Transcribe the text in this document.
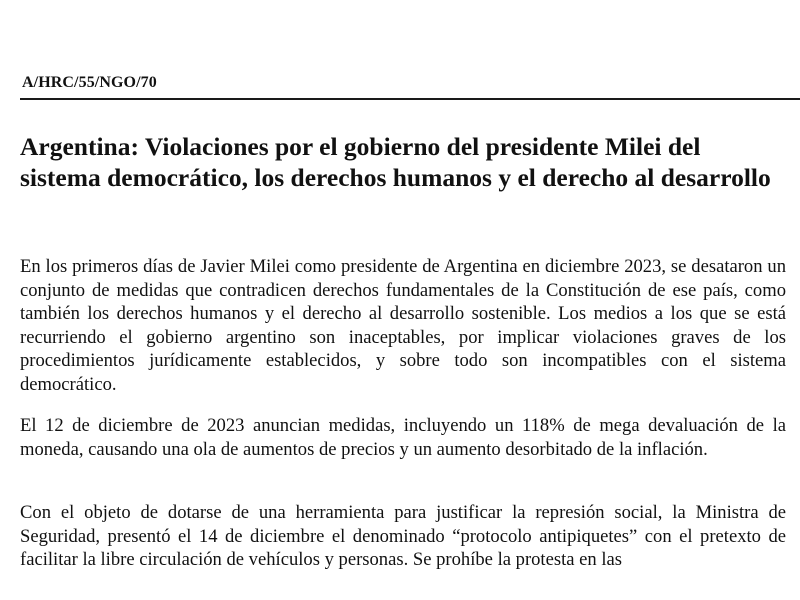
A/HRC/55/NGO/70
Argentina: Violaciones por el gobierno del presidente Milei del sistema democrático, los derechos humanos y el derecho al desarrollo

En los primeros días de Javier Milei como presidente de Argentina en diciembre 2023, se desataron un conjunto de medidas que contradicen derechos fundamentales de la Constitución de ese país, como también los derechos humanos y el derecho al desarrollo sostenible. Los medios a los que se está recurriendo el gobierno argentino son inaceptables, por implicar violaciones graves de los procedimientos jurídicamente establecidos, y sobre todo son incompatibles con el sistema democrático.

El 12 de diciembre de 2023 anuncian medidas, incluyendo un 118% de mega devaluación de la moneda, causando una ola de aumentos de precios y un aumento desorbitado de la inflación.

Con el objeto de dotarse de una herramienta para justificar la represión social, la Ministra de Seguridad, presentó el 14 de diciembre el denominado “protocolo antipiquetes” con el pretexto de facilitar la libre circulación de vehículos y personas. Se prohíbe la protesta en las
